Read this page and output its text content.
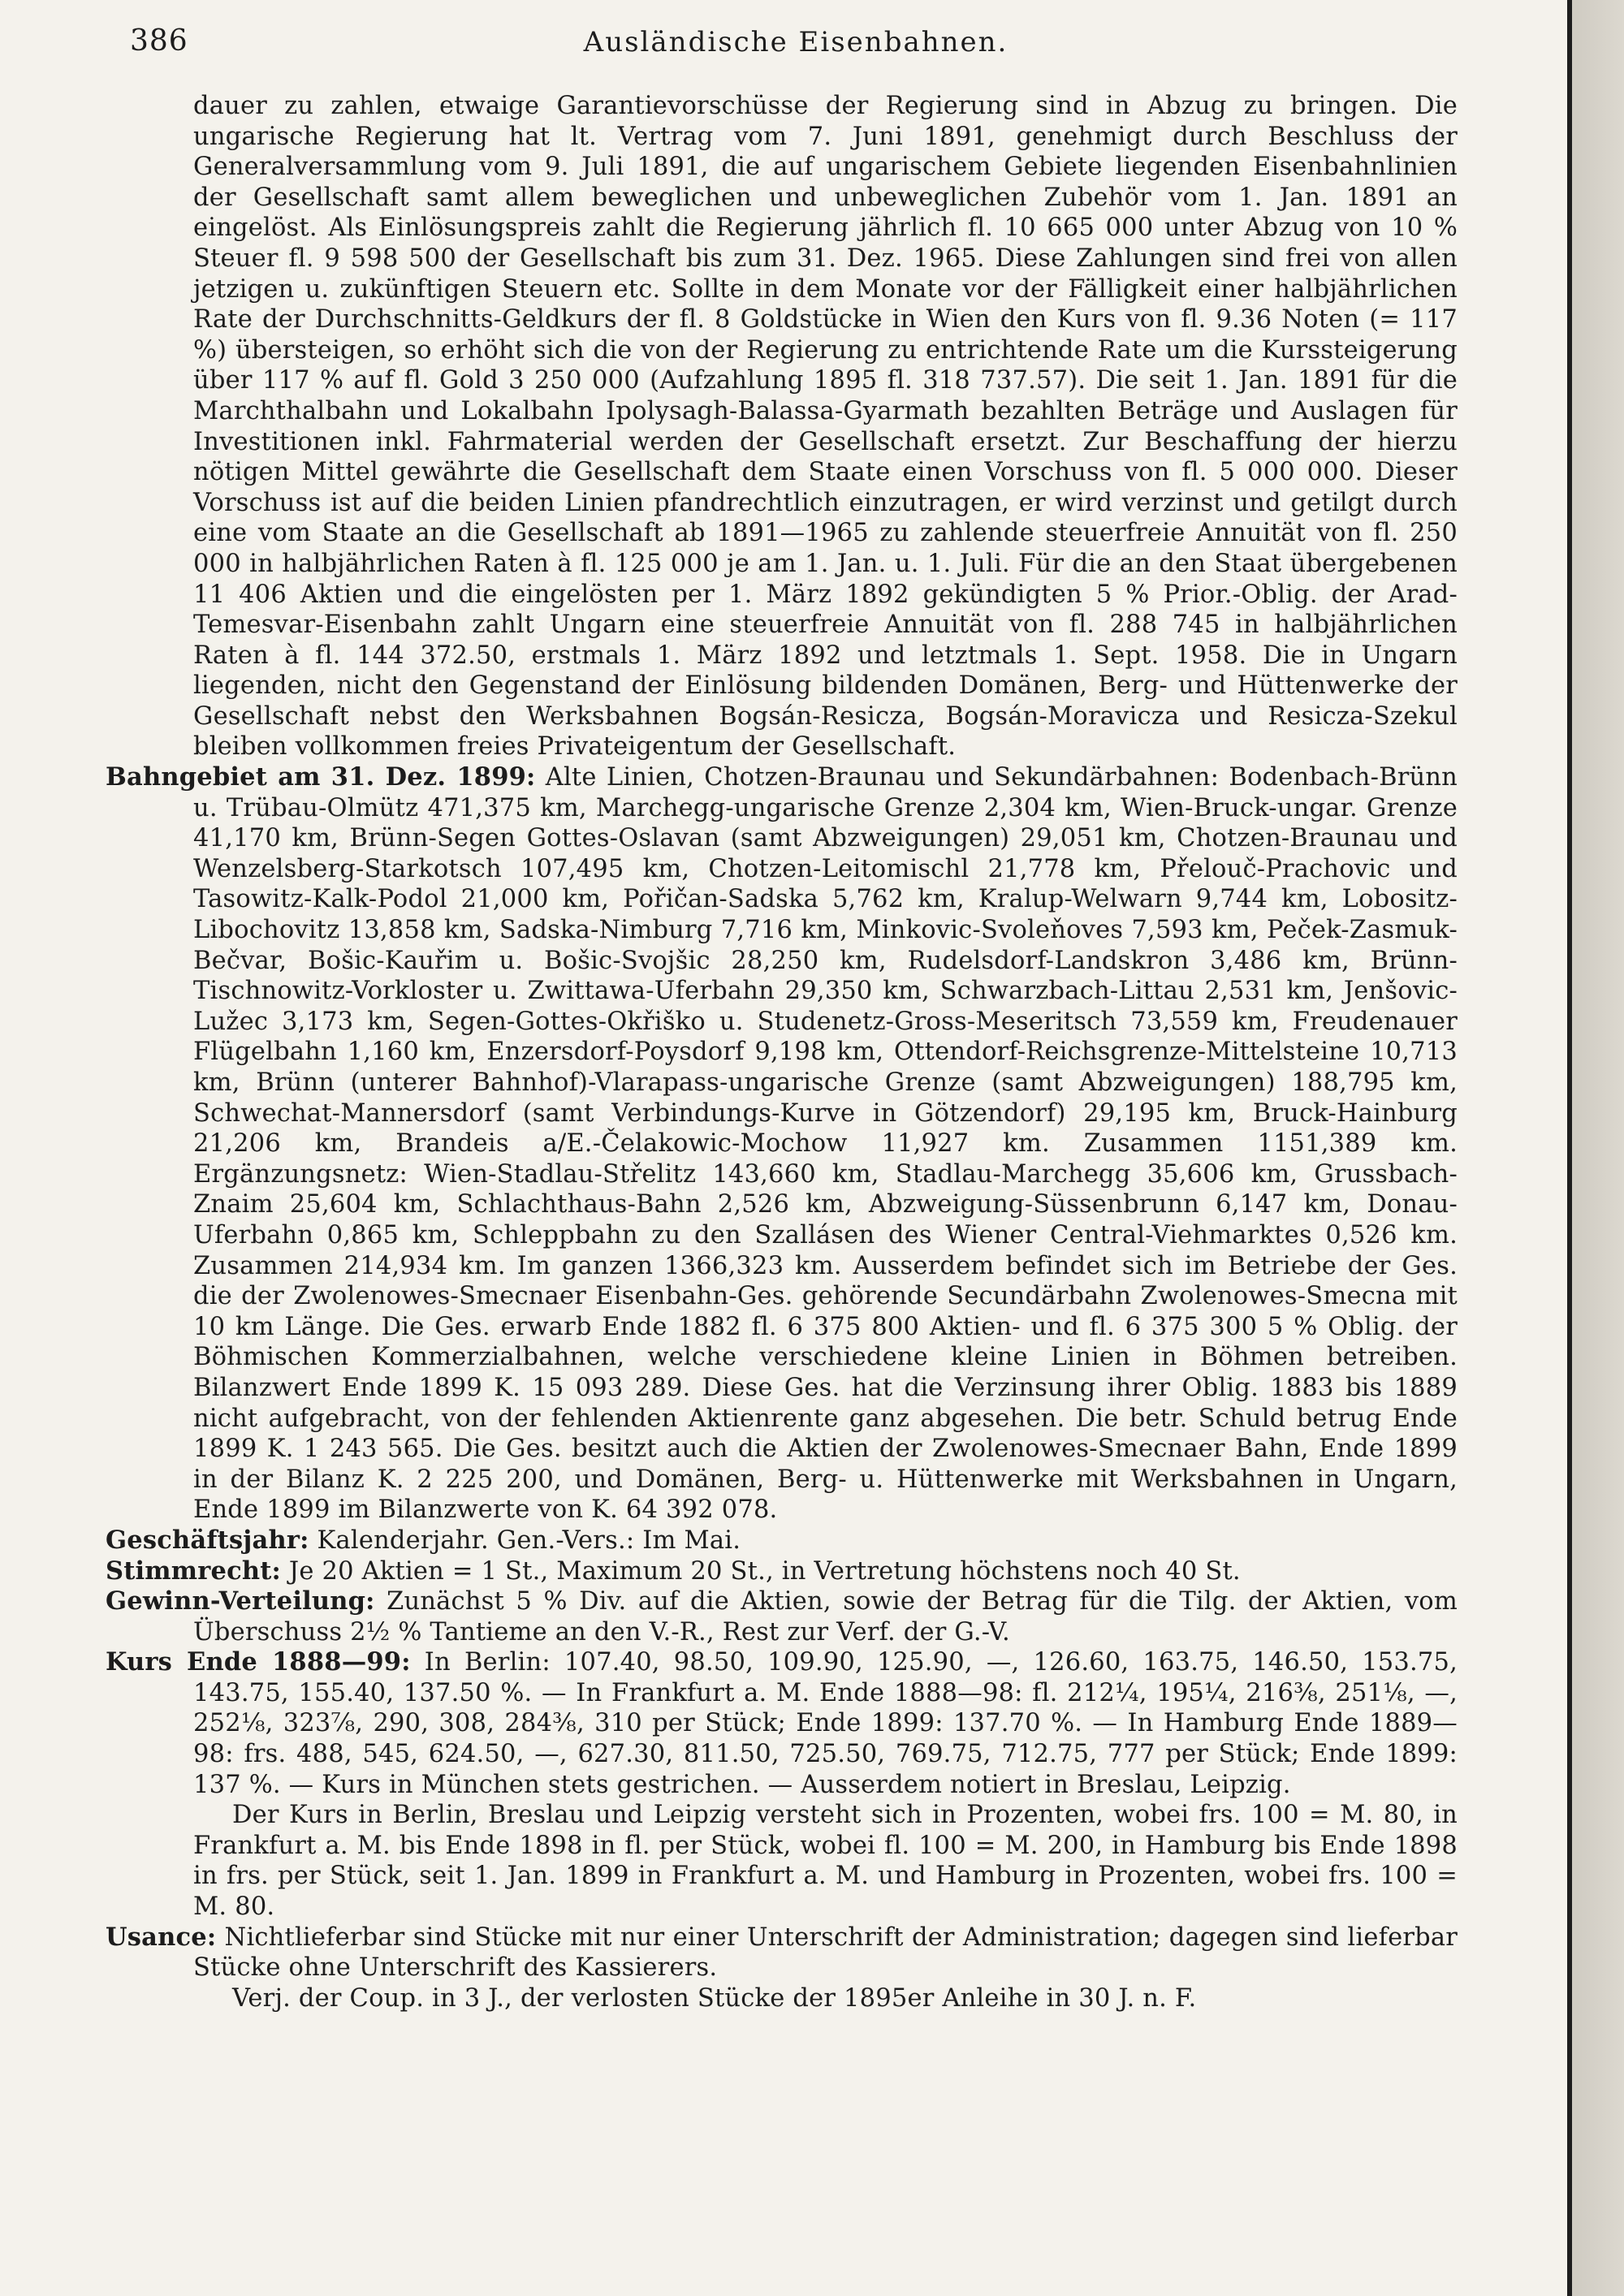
386	Ausländische Eisenbahnen.

dauer zu zahlen, etwaige Garantievorschüsse der Regierung sind in Abzug zu bringen. Die ungarische Regierung hat lt. Vertrag vom 7. Juni 1891, genehmigt durch Beschluss der Generalversammlung vom 9. Juli 1891, die auf ungarischem Gebiete liegenden Eisenbahnlinien der Gesellschaft samt allem beweglichen und unbeweglichen Zubehör vom 1. Jan. 1891 an eingelöst. Als Einlösungspreis zahlt die Regierung jährlich fl. 10 665 000 unter Abzug von 10 % Steuer fl. 9 598 500 der Gesellschaft bis zum 31. Dez. 1965. Diese Zahlungen sind frei von allen jetzigen u. zukünftigen Steuern etc. Sollte in dem Monate vor der Fälligkeit einer halbjährlichen Rate der Durchschnitts-Geldkurs der fl. 8 Goldstücke in Wien den Kurs von fl. 9.36 Noten (= 117 %) übersteigen, so erhöht sich die von der Regierung zu entrichtende Rate um die Kurssteigerung über 117 % auf fl. Gold 3 250 000 (Aufzahlung 1895 fl. 318 737.57). Die seit 1. Jan. 1891 für die Marchthalbahn und Lokalbahn Ipolysagh-Balassa-Gyarmath bezahlten Beträge und Auslagen für Investitionen inkl. Fahrmaterial werden der Gesellschaft ersetzt. Zur Beschaffung der hierzu nötigen Mittel gewährte die Gesellschaft dem Staate einen Vorschuss von fl. 5 000 000. Dieser Vorschuss ist auf die beiden Linien pfandrechtlich einzutragen, er wird verzinst und getilgt durch eine vom Staate an die Gesellschaft ab 1891—1965 zu zahlende steuerfreie Annuität von fl. 250 000 in halbjährlichen Raten à fl. 125 000 je am 1. Jan. u. 1. Juli. Für die an den Staat übergebenen 11 406 Aktien und die eingelösten per 1. März 1892 gekündigten 5 % Prior.-Oblig. der Arad-Temesvar-Eisenbahn zahlt Ungarn eine steuerfreie Annuität von fl. 288 745 in halbjährlichen Raten à fl. 144 372.50, erstmals 1. März 1892 und letztmals 1. Sept. 1958. Die in Ungarn liegenden, nicht den Gegenstand der Einlösung bildenden Domänen, Berg- und Hüttenwerke der Gesellschaft nebst den Werksbahnen Bogsán-Resicza, Bogsán-Moravicza und Resicza-Szekul bleiben vollkommen freies Privateigentum der Gesellschaft.

Bahngebiet am 31. Dez. 1899: Alte Linien, Chotzen-Braunau und Sekundärbahnen: Bodenbach-Brünn u. Trübau-Olmütz 471,375 km, Marchegg-ungarische Grenze 2,304 km, Wien-Bruck-ungar. Grenze 41,170 km, Brünn-Segen Gottes-Oslavan (samt Abzweigungen) 29,051 km, Chotzen-Braunau und Wenzelsberg-Starkotsch 107,495 km, Chotzen-Leitomischl 21,778 km, Přelouč-Prachovic und Tasowitz-Kalk-Podol 21,000 km, Pořičan-Sadska 5,762 km, Kralup-Welwarn 9,744 km, Lobositz-Libochovitz 13,858 km, Sadska-Nimburg 7,716 km, Minkovic-Svoleňoves 7,593 km, Peček-Zasmuk-Bečvar, Bošic-Kauřim u. Bošic-Svojšic 28,250 km, Rudelsdorf-Landskron 3,486 km, Brünn-Tischnowitz-Vorkloster u. Zwittawa-Uferbahn 29,350 km, Schwarzbach-Littau 2,531 km, Jenšovic-Lužec 3,173 km, Segen-Gottes-Okřiško u. Studenetz-Gross-Meseritsch 73,559 km, Freudenauer Flügelbahn 1,160 km, Enzersdorf-Poysdorf 9,198 km, Ottendorf-Reichsgrenze-Mittelsteine 10,713 km, Brünn (unterer Bahnhof)-Vlarapass-ungarische Grenze (samt Abzweigungen) 188,795 km, Schwechat-Mannersdorf (samt Verbindungs-Kurve in Götzendorf) 29,195 km, Bruck-Hainburg 21,206 km, Brandeis a/E.-Čelakowic-Mochow 11,927 km. Zusammen 1151,389 km. Ergänzungsnetz: Wien-Stadlau-Střelitz 143,660 km, Stadlau-Marchegg 35,606 km, Grussbach-Znaim 25,604 km, Schlachthaus-Bahn 2,526 km, Abzweigung-Süssenbrunn 6,147 km, Donau-Uferbahn 0,865 km, Schleppbahn zu den Szallásen des Wiener Central-Viehmarktes 0,526 km. Zusammen 214,934 km. Im ganzen 1366,323 km. Ausserdem befindet sich im Betriebe der Ges. die der Zwolenowes-Smecnaer Eisenbahn-Ges. gehörende Secundärbahn Zwolenowes-Smecna mit 10 km Länge. Die Ges. erwarb Ende 1882 fl. 6 375 800 Aktien- und fl. 6 375 300 5 % Oblig. der Böhmischen Kommerzialbahnen, welche verschiedene kleine Linien in Böhmen betreiben. Bilanzwert Ende 1899 K. 15 093 289. Diese Ges. hat die Verzinsung ihrer Oblig. 1883 bis 1889 nicht aufgebracht, von der fehlenden Aktienrente ganz abgesehen. Die betr. Schuld betrug Ende 1899 K. 1 243 565. Die Ges. besitzt auch die Aktien der Zwolenowes-Smecnaer Bahn, Ende 1899 in der Bilanz K. 2 225 200, und Domänen, Berg- u. Hüttenwerke mit Werksbahnen in Ungarn, Ende 1899 im Bilanzwerte von K. 64 392 078.

Geschäftsjahr: Kalenderjahr. Gen.-Vers.: Im Mai.

Stimmrecht: Je 20 Aktien = 1 St., Maximum 20 St., in Vertretung höchstens noch 40 St.

Gewinn-Verteilung: Zunächst 5 % Div. auf die Aktien, sowie der Betrag für die Tilg. der Aktien, vom Überschuss 2½ % Tantieme an den V.-R., Rest zur Verf. der G.-V.

Kurs Ende 1888—99: In Berlin: 107.40, 98.50, 109.90, 125.90, —, 126.60, 163.75, 146.50, 153.75, 143.75, 155.40, 137.50 %. — In Frankfurt a. M. Ende 1888—98: fl. 212¼, 195¼, 216⅜, 251⅛, —, 252⅛, 323⅞, 290, 308, 284⅜, 310 per Stück; Ende 1899: 137.70 %. — In Hamburg Ende 1889—98: frs. 488, 545, 624.50, —, 627.30, 811.50, 725.50, 769.75, 712.75, 777 per Stück; Ende 1899: 137 %. — Kurs in München stets gestrichen. — Ausserdem notiert in Breslau, Leipzig.

Der Kurs in Berlin, Breslau und Leipzig versteht sich in Prozenten, wobei frs. 100 = M. 80, in Frankfurt a. M. bis Ende 1898 in fl. per Stück, wobei fl. 100 = M. 200, in Hamburg bis Ende 1898 in frs. per Stück, seit 1. Jan. 1899 in Frankfurt a. M. und Hamburg in Prozenten, wobei frs. 100 = M. 80.

Usance: Nichtlieferbar sind Stücke mit nur einer Unterschrift der Administration; dagegen sind lieferbar Stücke ohne Unterschrift des Kassierers.

Verj. der Coup. in 3 J., der verlosten Stücke der 1895er Anleihe in 30 J. n. F.
